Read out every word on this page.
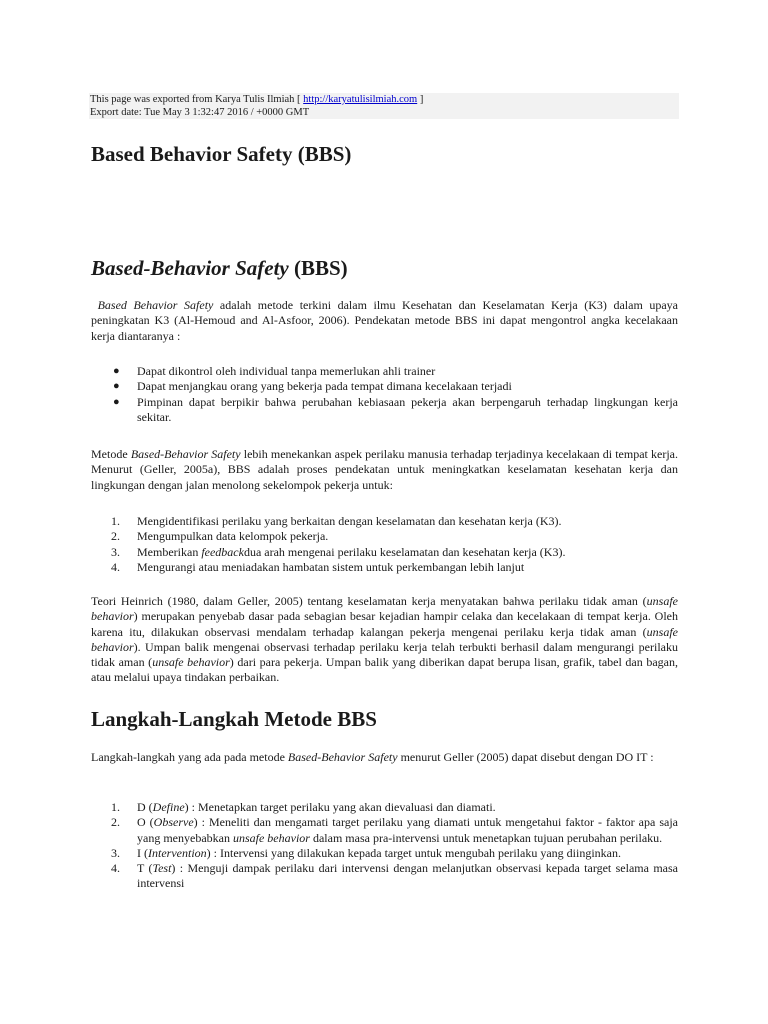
This page was exported from Karya Tulis Ilmiah [ http://karyatulisilmiah.com ]
Export date: Tue May 3 1:32:47 2016 / +0000 GMT
Based Behavior Safety (BBS)
Based-Behavior Safety (BBS)

Based Behavior Safety adalah metode terkini dalam ilmu Kesehatan dan Keselamatan Kerja (K3) dalam upaya peningkatan K3 (Al-Hemoud and Al-Asfoor, 2006). Pendekatan metode BBS ini dapat mengontrol angka kecelakaan kerja diantaranya :

● Dapat dikontrol oleh individual tanpa memerlukan ahli trainer
● Dapat menjangkau orang yang bekerja pada tempat dimana kecelakaan terjadi
● Pimpinan dapat berpikir bahwa perubahan kebiasaan pekerja akan berpengaruh terhadap lingkungan kerja sekitar.

Metode Based-Behavior Safety lebih menekankan aspek perilaku manusia terhadap terjadinya kecelakaan di tempat kerja. Menurut (Geller, 2005a), BBS adalah proses pendekatan untuk meningkatkan keselamatan kesehatan kerja dan lingkungan dengan jalan menolong sekelompok pekerja untuk:

1. Mengidentifikasi perilaku yang berkaitan dengan keselamatan dan kesehatan kerja (K3).
2. Mengumpulkan data kelompok pekerja.
3. Memberikan feedbackdua arah mengenai perilaku keselamatan dan kesehatan kerja (K3).
4. Mengurangi atau meniadakan hambatan sistem untuk perkembangan lebih lanjut

Teori Heinrich (1980, dalam Geller, 2005) tentang keselamatan kerja menyatakan bahwa perilaku tidak aman (unsafe behavior) merupakan penyebab dasar pada sebagian besar kejadian hampir celaka dan kecelakaan di tempat kerja. Oleh karena itu, dilakukan observasi mendalam terhadap kalangan pekerja mengenai perilaku kerja tidak aman (unsafe behavior). Umpan balik mengenai observasi terhadap perilaku kerja telah terbukti berhasil dalam mengurangi perilaku tidak aman (unsafe behavior) dari para pekerja. Umpan balik yang diberikan dapat berupa lisan, grafik, tabel dan bagan, atau melalui upaya tindakan perbaikan.

Langkah-Langkah Metode BBS

Langkah-langkah yang ada pada metode Based-Behavior Safety menurut Geller (2005) dapat disebut dengan DO IT :

1. D (Define) : Menetapkan target perilaku yang akan dievaluasi dan diamati.
2. O (Observe) : Meneliti dan mengamati target perilaku yang diamati untuk mengetahui faktor - faktor apa saja yang menyebabkan unsafe behavior dalam masa pra-intervensi untuk menetapkan tujuan perubahan perilaku.
3. I (Intervention) : Intervensi yang dilakukan kepada target untuk mengubah perilaku yang diinginkan.
4. T (Test) : Menguji dampak perilaku dari intervensi dengan melanjutkan observasi kepada target selama masa intervensi
